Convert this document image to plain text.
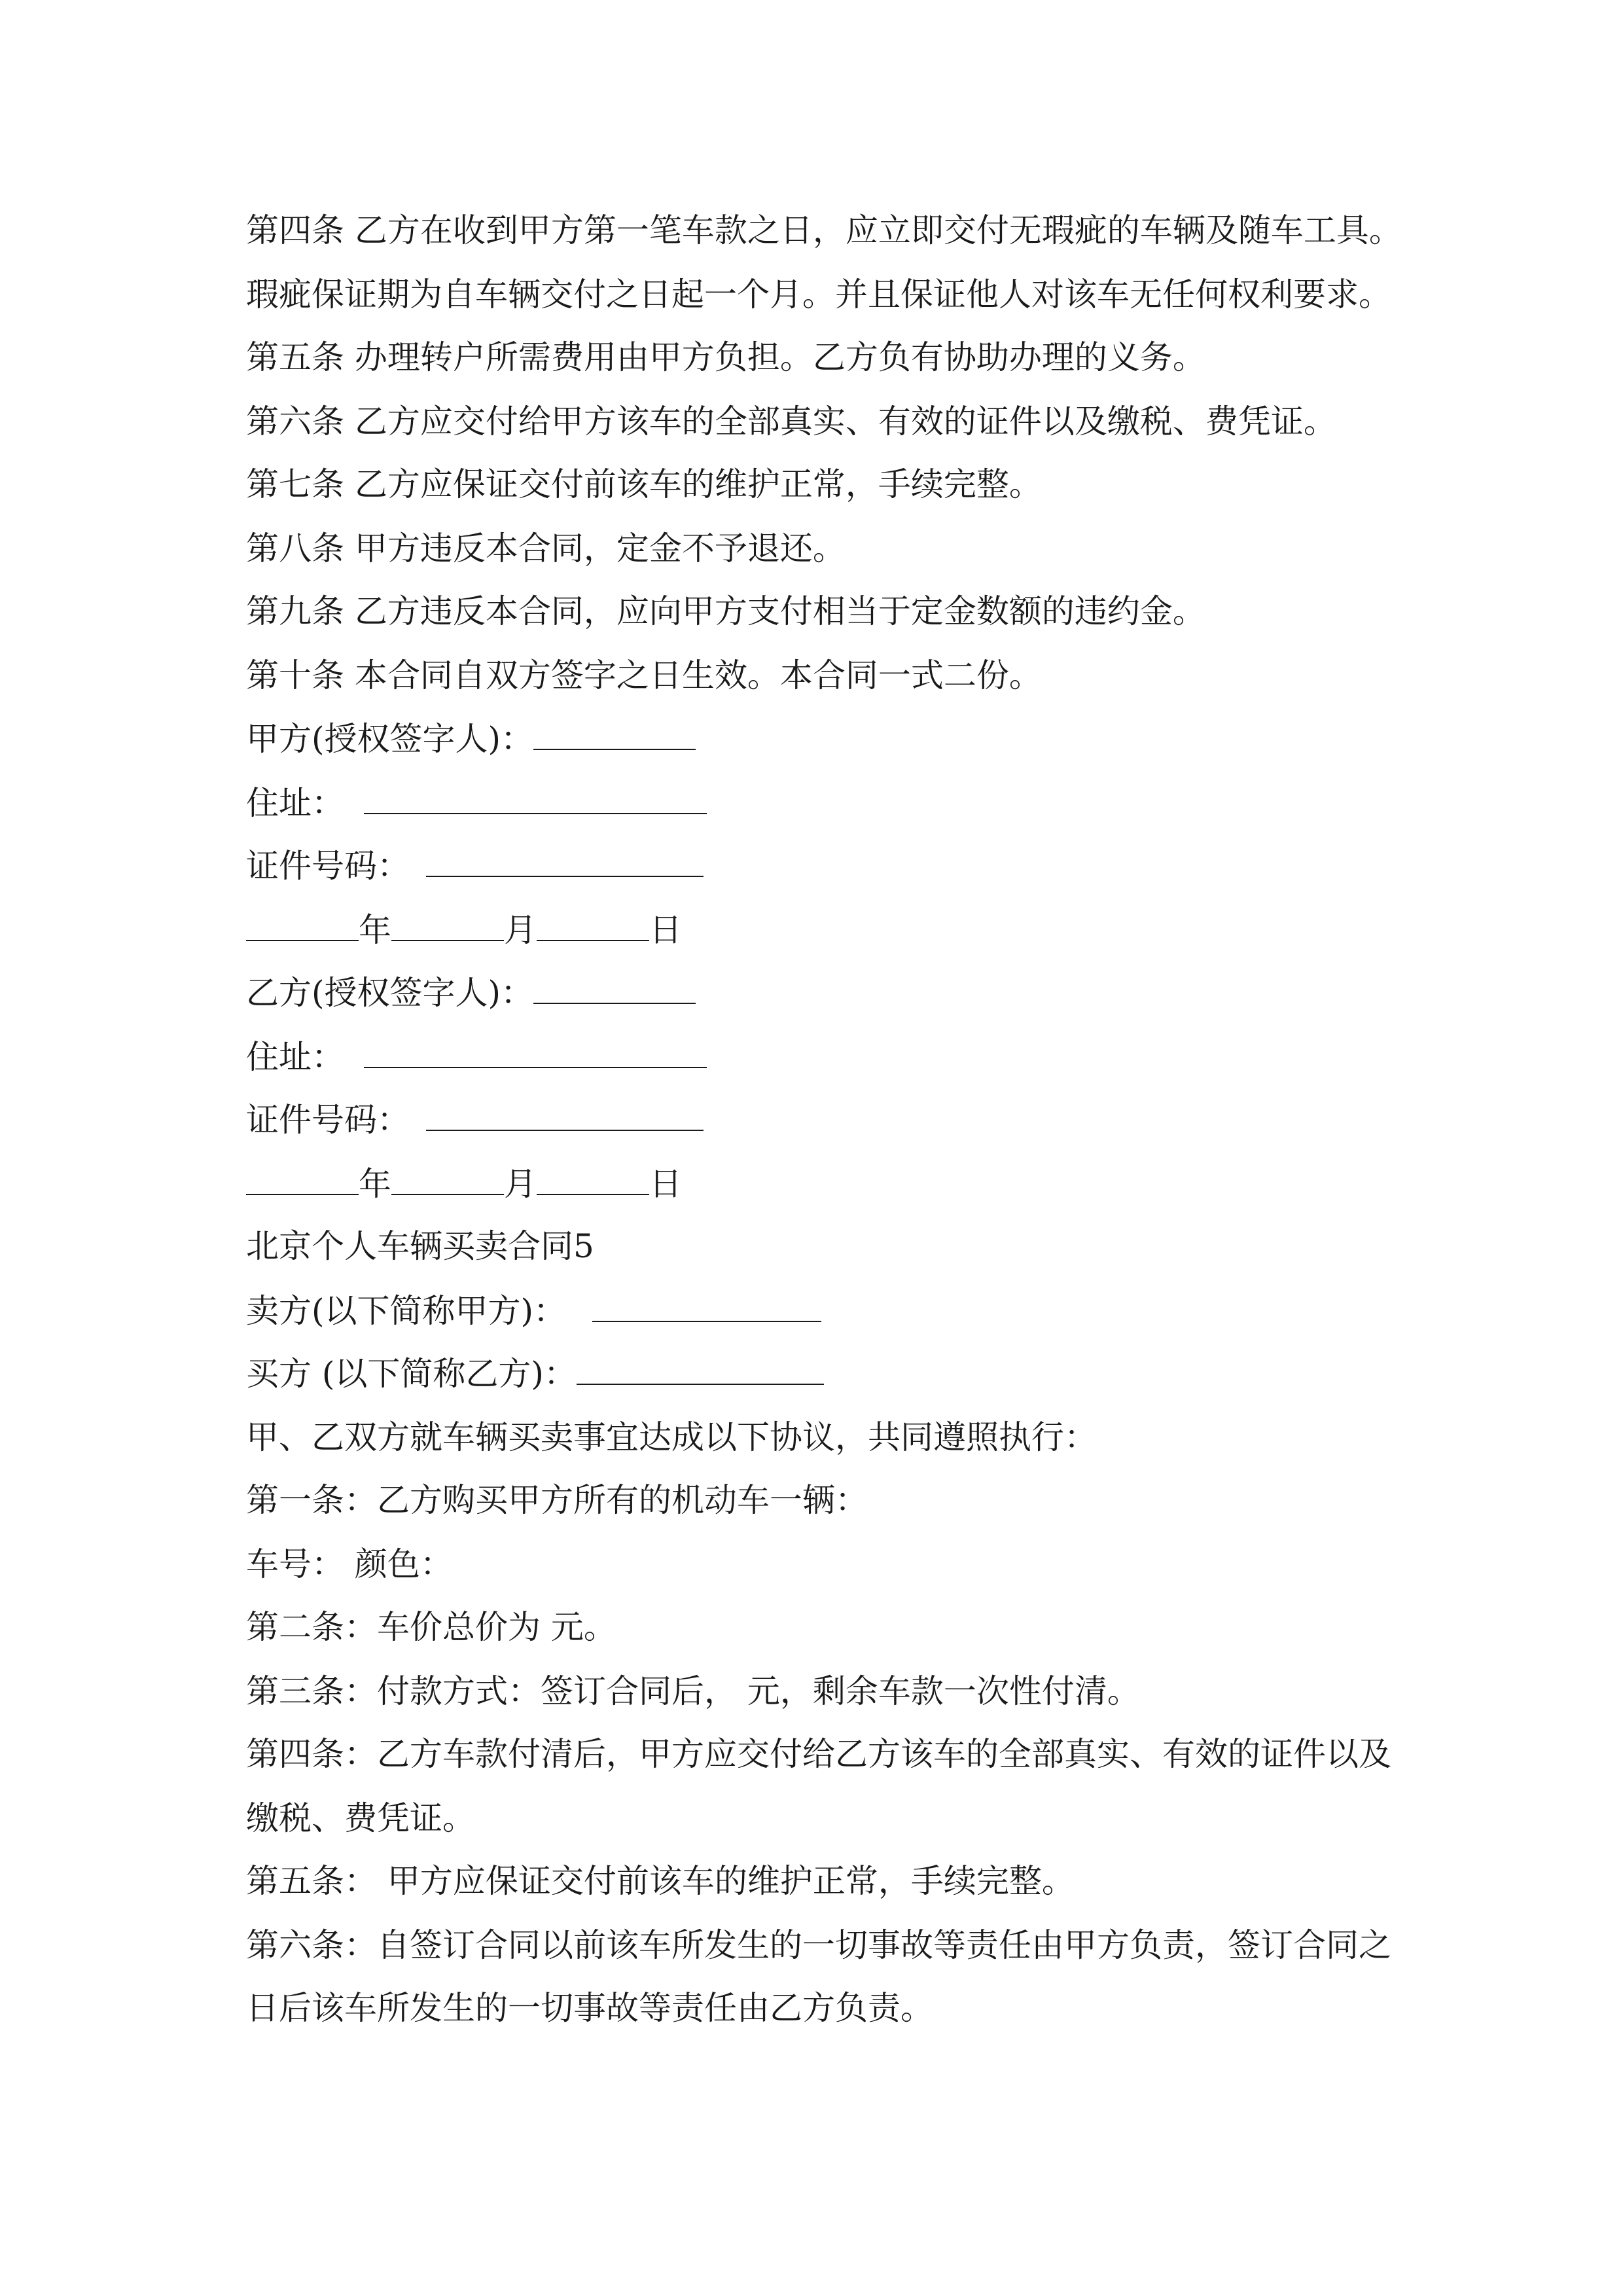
第四条 乙方在收到甲方第一笔车款之日，应立即交付无瑕疵的车辆及随车工具。
瑕疵保证期为自车辆交付之日起一个月。并且保证他人对该车无任何权利要求。
第五条 办理转户所需费用由甲方负担。乙方负有协助办理的义务。
第六条 乙方应交付给甲方该车的全部真实、有效的证件以及缴税、费凭证。
第七条 乙方应保证交付前该车的维护正常，手续完整。
第八条 甲方违反本合同，定金不予退还。
第九条 乙方违反本合同，应向甲方支付相当于定金数额的违约金。
第十条 本合同自双方签字之日生效。本合同一式二份。
甲方(授权签字人)：
住址：
证件号码：
年	月	日
乙方(授权签字人)：
住址：
证件号码：
年	月	日
北京个人车辆买卖合同5
卖方(以下简称甲方)：
买方 (以下简称乙方)：
甲、乙双方就车辆买卖事宜达成以下协议，共同遵照执行：
第一条：乙方购买甲方所有的机动车一辆：
车号： 颜色：
第二条：车价总价为 元。
第三条：付款方式：签订合同后， 元，剩余车款一次性付清。
第四条：乙方车款付清后，甲方应交付给乙方该车的全部真实、有效的证件以及
缴税、费凭证。
第五条： 甲方应保证交付前该车的维护正常，手续完整。
第六条：自签订合同以前该车所发生的一切事故等责任由甲方负责，签订合同之
日后该车所发生的一切事故等责任由乙方负责。
